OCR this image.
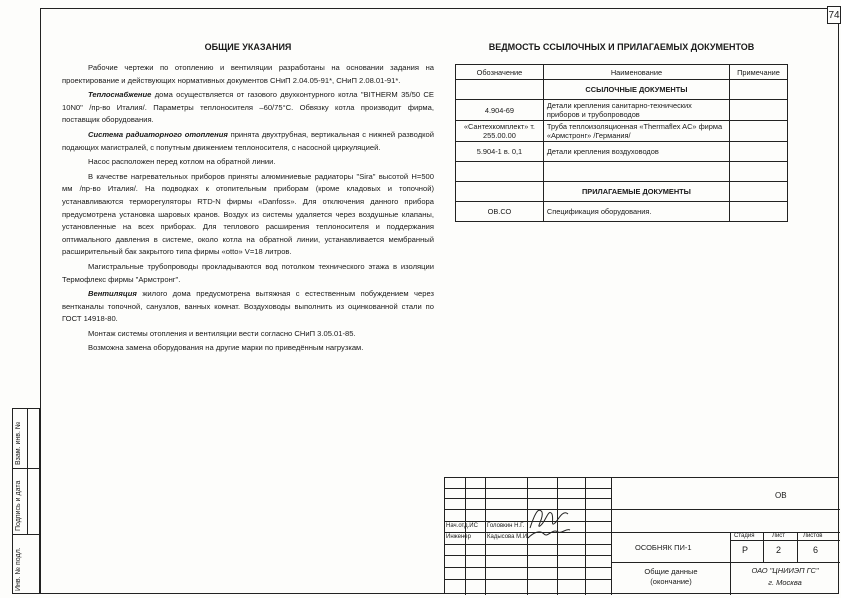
74
Взам. инв. №
Подпись и дата
Инв. № подл.
ОБЩИЕ УКАЗАНИЯ

Рабочие чертежи по отоплению и вентиляции разработаны на основании задания на проектирование и действующих нормативных документов СНиП 2.04.05-91*, СНиП 2.08.01-91*.

Теплоснабжение дома осуществляется от газового двухконтурного котла "BITHERM 35/50 CE 10N0" /пр-во Италия/. Параметры теплоносителя –60/75°С. Обвязку котла производит фирма, поставщик оборудования.

Система радиаторного отопления принята двухтрубная, вертикальная с нижней разводкой подающих магистралей, с попутным движением теплоносителя, с насосной циркуляцией.

Насос расположен перед котлом на обратной линии.

В качестве нагревательных приборов приняты алюминиевые радиаторы "Sira" высотой Н=500 мм /пр-во Италия/. На подводках к отопительным приборам (кроме кладовых и топочной) устанавливаются терморегуляторы RTD-N фирмы «Danfoss». Для отключения данного прибора предусмотрена установка шаровых кранов. Воздух из системы удаляется через воздушные клапаны, установленные на всех приборах. Для теплового расширения теплоносителя и поддержания оптимального давления в системе, около котла на обратной линии, устанавливается мембранный расширительный бак закрытого типа фирмы «otto» V=18 литров.

Магистральные трубопроводы прокладываются вод потолком технического этажа в изоляции Термофлекс фирмы "Армстронг".

Вентиляция жилого дома предусмотрена вытяжная с естественным побуждением через вентканалы топочной, санузлов, ванных комнат. Воздуховоды выполнить из оцинкованной стали по ГОСТ 14918-80.

Монтаж системы отопления и вентиляции вести согласно СНиП 3.05.01-85.

Возможна замена оборудования на другие марки по приведённым нагрузкам.

ВЕДМОСТЬ ССЫЛОЧНЫХ И ПРИЛАГАЕМЫХ ДОКУМЕНТОВ
Обозначение	Наименование	Примечание
	ССЫЛОЧНЫЕ ДОКУМЕНТЫ	
4.904-69	Детали крепления санитарно-технических приборов и трубопроводов	
«Сантехкомплект» т. 255.00.00	Труба теплоизоляционная «Thermaflex AC» фирма «Армстронг» /Германия/	
5.904-1 в. 0,1	Детали крепления воздуховодов	

	ПРИЛАГАЕМЫЕ ДОКУМЕНТЫ	
ОВ.СО	Спецификация оборудования.	
ОВ
Нач.отд.ИС Головкин Н.Г.
Инженер	Кадысова М.И.
ОСОБНЯК ПИ-1
Стадия	Лист	Листов
Р	2	6
Общие данные (окончание)
ОАО "ЦНИИЭП ГС"
г. Москва
